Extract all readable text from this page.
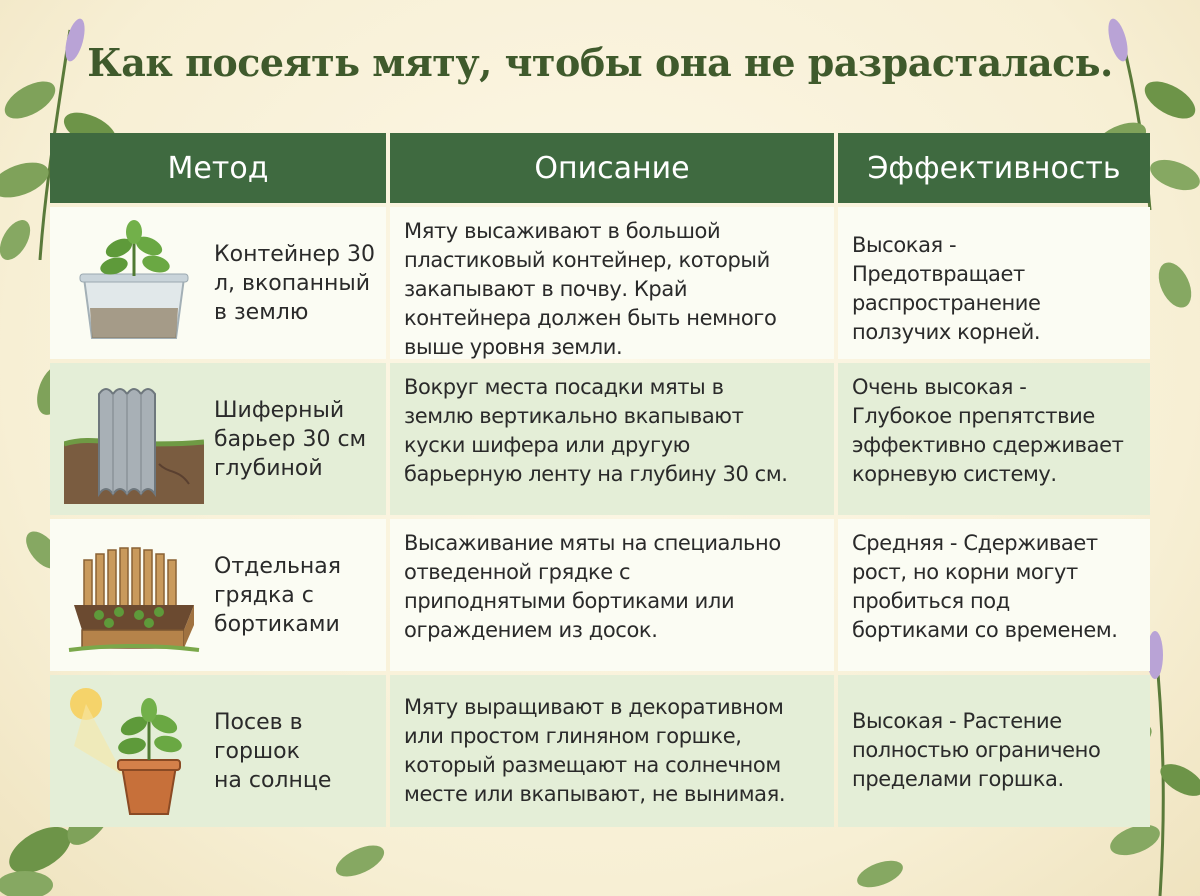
Как посеять мяту, чтобы она не разрасталась.
Метод	Описание	Эффективность
Контейнер 30
л, вкопанный
в землю
Мяту высаживают в большой
пластиковый контейнер, который
закапывают в почву. Край
контейнера должен быть немного
выше уровня земли.
Высокая -
Предотвращает
распространение
ползучих корней.
Шиферный
барьер 30 см
глубиной
Вокруг места посадки мяты в
землю вертикально вкапывают
куски шифера или другую
барьерную ленту на глубину 30 см.
Очень высокая -
Глубокое препятствие
эффективно сдерживает
корневую систему.
Отдельная
грядка с
бортиками
Высаживание мяты на специально
отведенной грядке с
приподнятыми бортиками или
ограждением из досок.
Средняя - Сдерживает
рост, но корни могут
пробиться под
бортиками со временем.
Посев в
горшок
на солнце
Мяту выращивают в декоративном
или простом глиняном горшке,
который размещают на солнечном
месте или вкапывают, не вынимая.
Высокая - Растение
полностью ограничено
пределами горшка.
